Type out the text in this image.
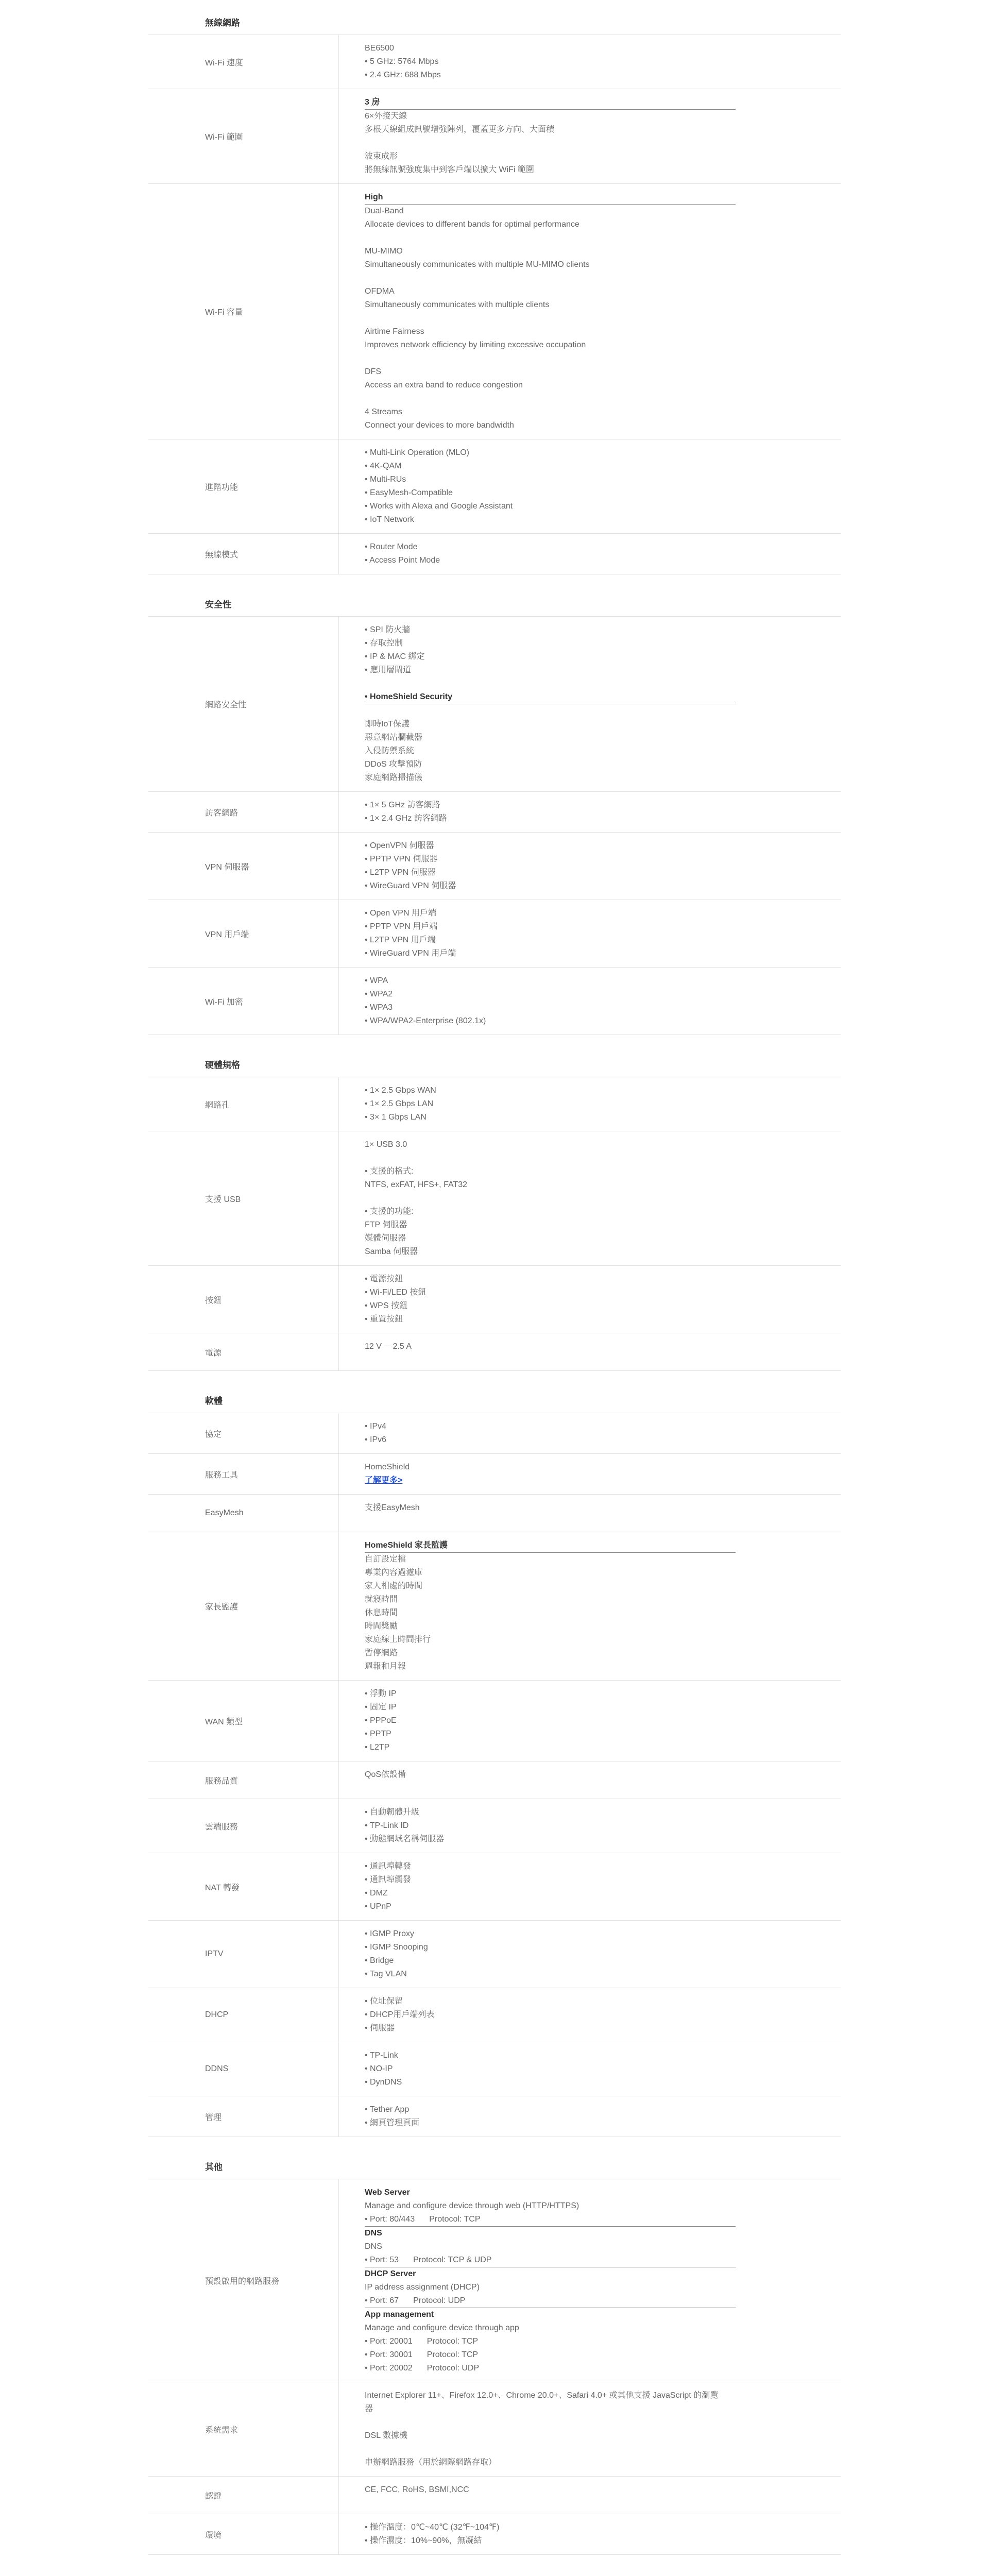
無線網路
Wi-Fi 速度
BE6500
• 5 GHz: 5764 Mbps
• 2.4 GHz: 688 Mbps
Wi-Fi 範圍
3 房
6×外接天線
多根天線組成訊號增強陣列，覆蓋更多方向、大面積
波束成形
將無線訊號強度集中到客戶端以擴大 WiFi 範圍
Wi-Fi 容量
High
Dual-Band
Allocate devices to different bands for optimal performance
MU-MIMO
Simultaneously communicates with multiple MU-MIMO clients
OFDMA
Simultaneously communicates with multiple clients
Airtime Fairness
Improves network efficiency by limiting excessive occupation
DFS
Access an extra band to reduce congestion
4 Streams
Connect your devices to more bandwidth
進階功能
• Multi-Link Operation (MLO)
• 4K-QAM
• Multi-RUs
• EasyMesh-Compatible
• Works with Alexa and Google Assistant
• IoT Network
無線模式
• Router Mode
• Access Point Mode
安全性
網路安全性
• SPI 防火牆
• 存取控制
• IP & MAC 綁定
• 應用層閘道
• HomeShield Security
即時IoT保護
惡意網站攔截器
入侵防禦系統
DDoS 攻擊預防
家庭網路掃描儀
訪客網路
• 1× 5 GHz 訪客網路
• 1× 2.4 GHz 訪客網路
VPN 伺服器
• OpenVPN 伺服器
• PPTP VPN 伺服器
• L2TP VPN 伺服器
• WireGuard VPN 伺服器
VPN 用戶端
• Open VPN 用戶端
• PPTP VPN 用戶端
• L2TP VPN 用戶端
• WireGuard VPN 用戶端
Wi-Fi 加密
• WPA
• WPA2
• WPA3
• WPA/WPA2-Enterprise (802.1x)
硬體規格
網路孔
• 1× 2.5 Gbps WAN
• 1× 2.5 Gbps LAN
• 3× 1 Gbps LAN
支援 USB
1× USB 3.0
• 支援的格式:
NTFS, exFAT, HFS+, FAT32
• 支援的功能:
FTP 伺服器
媒體伺服器
Samba 伺服器
按鈕
• 電源按鈕
• Wi-Fi/LED 按鈕
• WPS 按鈕
• 重置按鈕
電源
12 V ⎓ 2.5 A
軟體
協定
• IPv4
• IPv6
服務工具
HomeShield
了解更多>
EasyMesh
支援EasyMesh
家長監護
HomeShield 家長監護
自訂設定檔
專業內容過濾庫
家人相處的時間
就寢時間
休息時間
時間獎勵
家庭線上時間排行
暫停網路
週報和月報
WAN 類型
• 浮動 IP
• 固定 IP
• PPPoE
• PPTP
• L2TP
服務品質
QoS依設備
雲端服務
• 自動韌體升級
• TP-Link ID
• 動態網域名稱伺服器
NAT 轉發
• 通訊埠轉發
• 通訊埠觸發
• DMZ
• UPnP
IPTV
• IGMP Proxy
• IGMP Snooping
• Bridge
• Tag VLAN
DHCP
• 位址保留
• DHCP用戶端列表
• 伺服器
DDNS
• TP-Link
• NO-IP
• DynDNS
管理
• Tether App
• 網頁管理頁面
其他
預設啟用的網路服務
Web Server
Manage and configure device through web (HTTP/HTTPS)
• Port: 80/443 Protocol: TCP
DNS
DNS
• Port: 53 Protocol: TCP & UDP
DHCP Server
IP address assignment (DHCP)
• Port: 67 Protocol: UDP
App management
Manage and configure device through app
• Port: 20001 Protocol: TCP
• Port: 30001 Protocol: TCP
• Port: 20002 Protocol: UDP
系統需求
Internet Explorer 11+、Firefox 12.0+、Chrome 20.0+、Safari 4.0+ 或其他支援 JavaScript 的瀏覽
器
DSL 數據機
申辦網路服務（用於網際網路存取）
認證
CE, FCC, RoHS, BSMI,NCC
環境
• 操作溫度：0℃~40℃ (32℉~104℉)
• 操作濕度：10%~90%，無凝結
